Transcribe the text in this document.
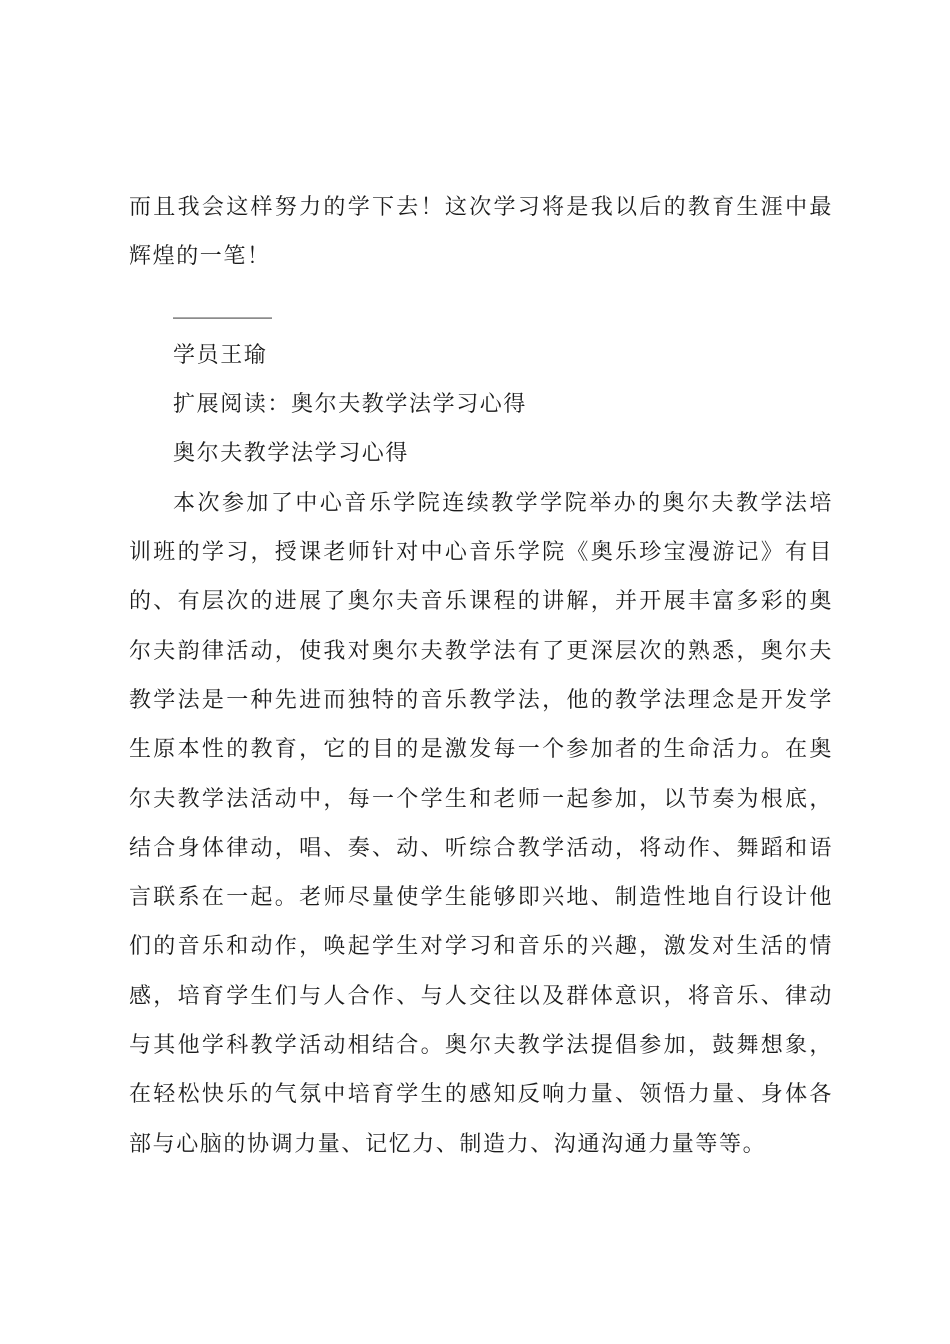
而且我会这样努力的学下去！这次学习将是我以后的教育生涯中最辉煌的一笔！

_________

学员王瑜

扩展阅读：奥尔夫教学法学习心得

奥尔夫教学法学习心得

本次参加了中心音乐学院连续教学学院举办的奥尔夫教学法培训班的学习，授课老师针对中心音乐学院《奥乐珍宝漫游记》有目的、有层次的进展了奥尔夫音乐课程的讲解，并开展丰富多彩的奥尔夫韵律活动，使我对奥尔夫教学法有了更深层次的熟悉，奥尔夫教学法是一种先进而独特的音乐教学法，他的教学法理念是开发学生原本性的教育，它的目的是激发每一个参加者的生命活力。在奥尔夫教学法活动中，每一个学生和老师一起参加，以节奏为根底，结合身体律动，唱、奏、动、听综合教学活动，将动作、舞蹈和语言联系在一起。老师尽量使学生能够即兴地、制造性地自行设计他们的音乐和动作，唤起学生对学习和音乐的兴趣，激发对生活的情感，培育学生们与人合作、与人交往以及群体意识，将音乐、律动与其他学科教学活动相结合。奥尔夫教学法提倡参加，鼓舞想象，在轻松快乐的气氛中培育学生的感知反响力量、领悟力量、身体各部与心脑的协调力量、记忆力、制造力、沟通沟通力量等等。
